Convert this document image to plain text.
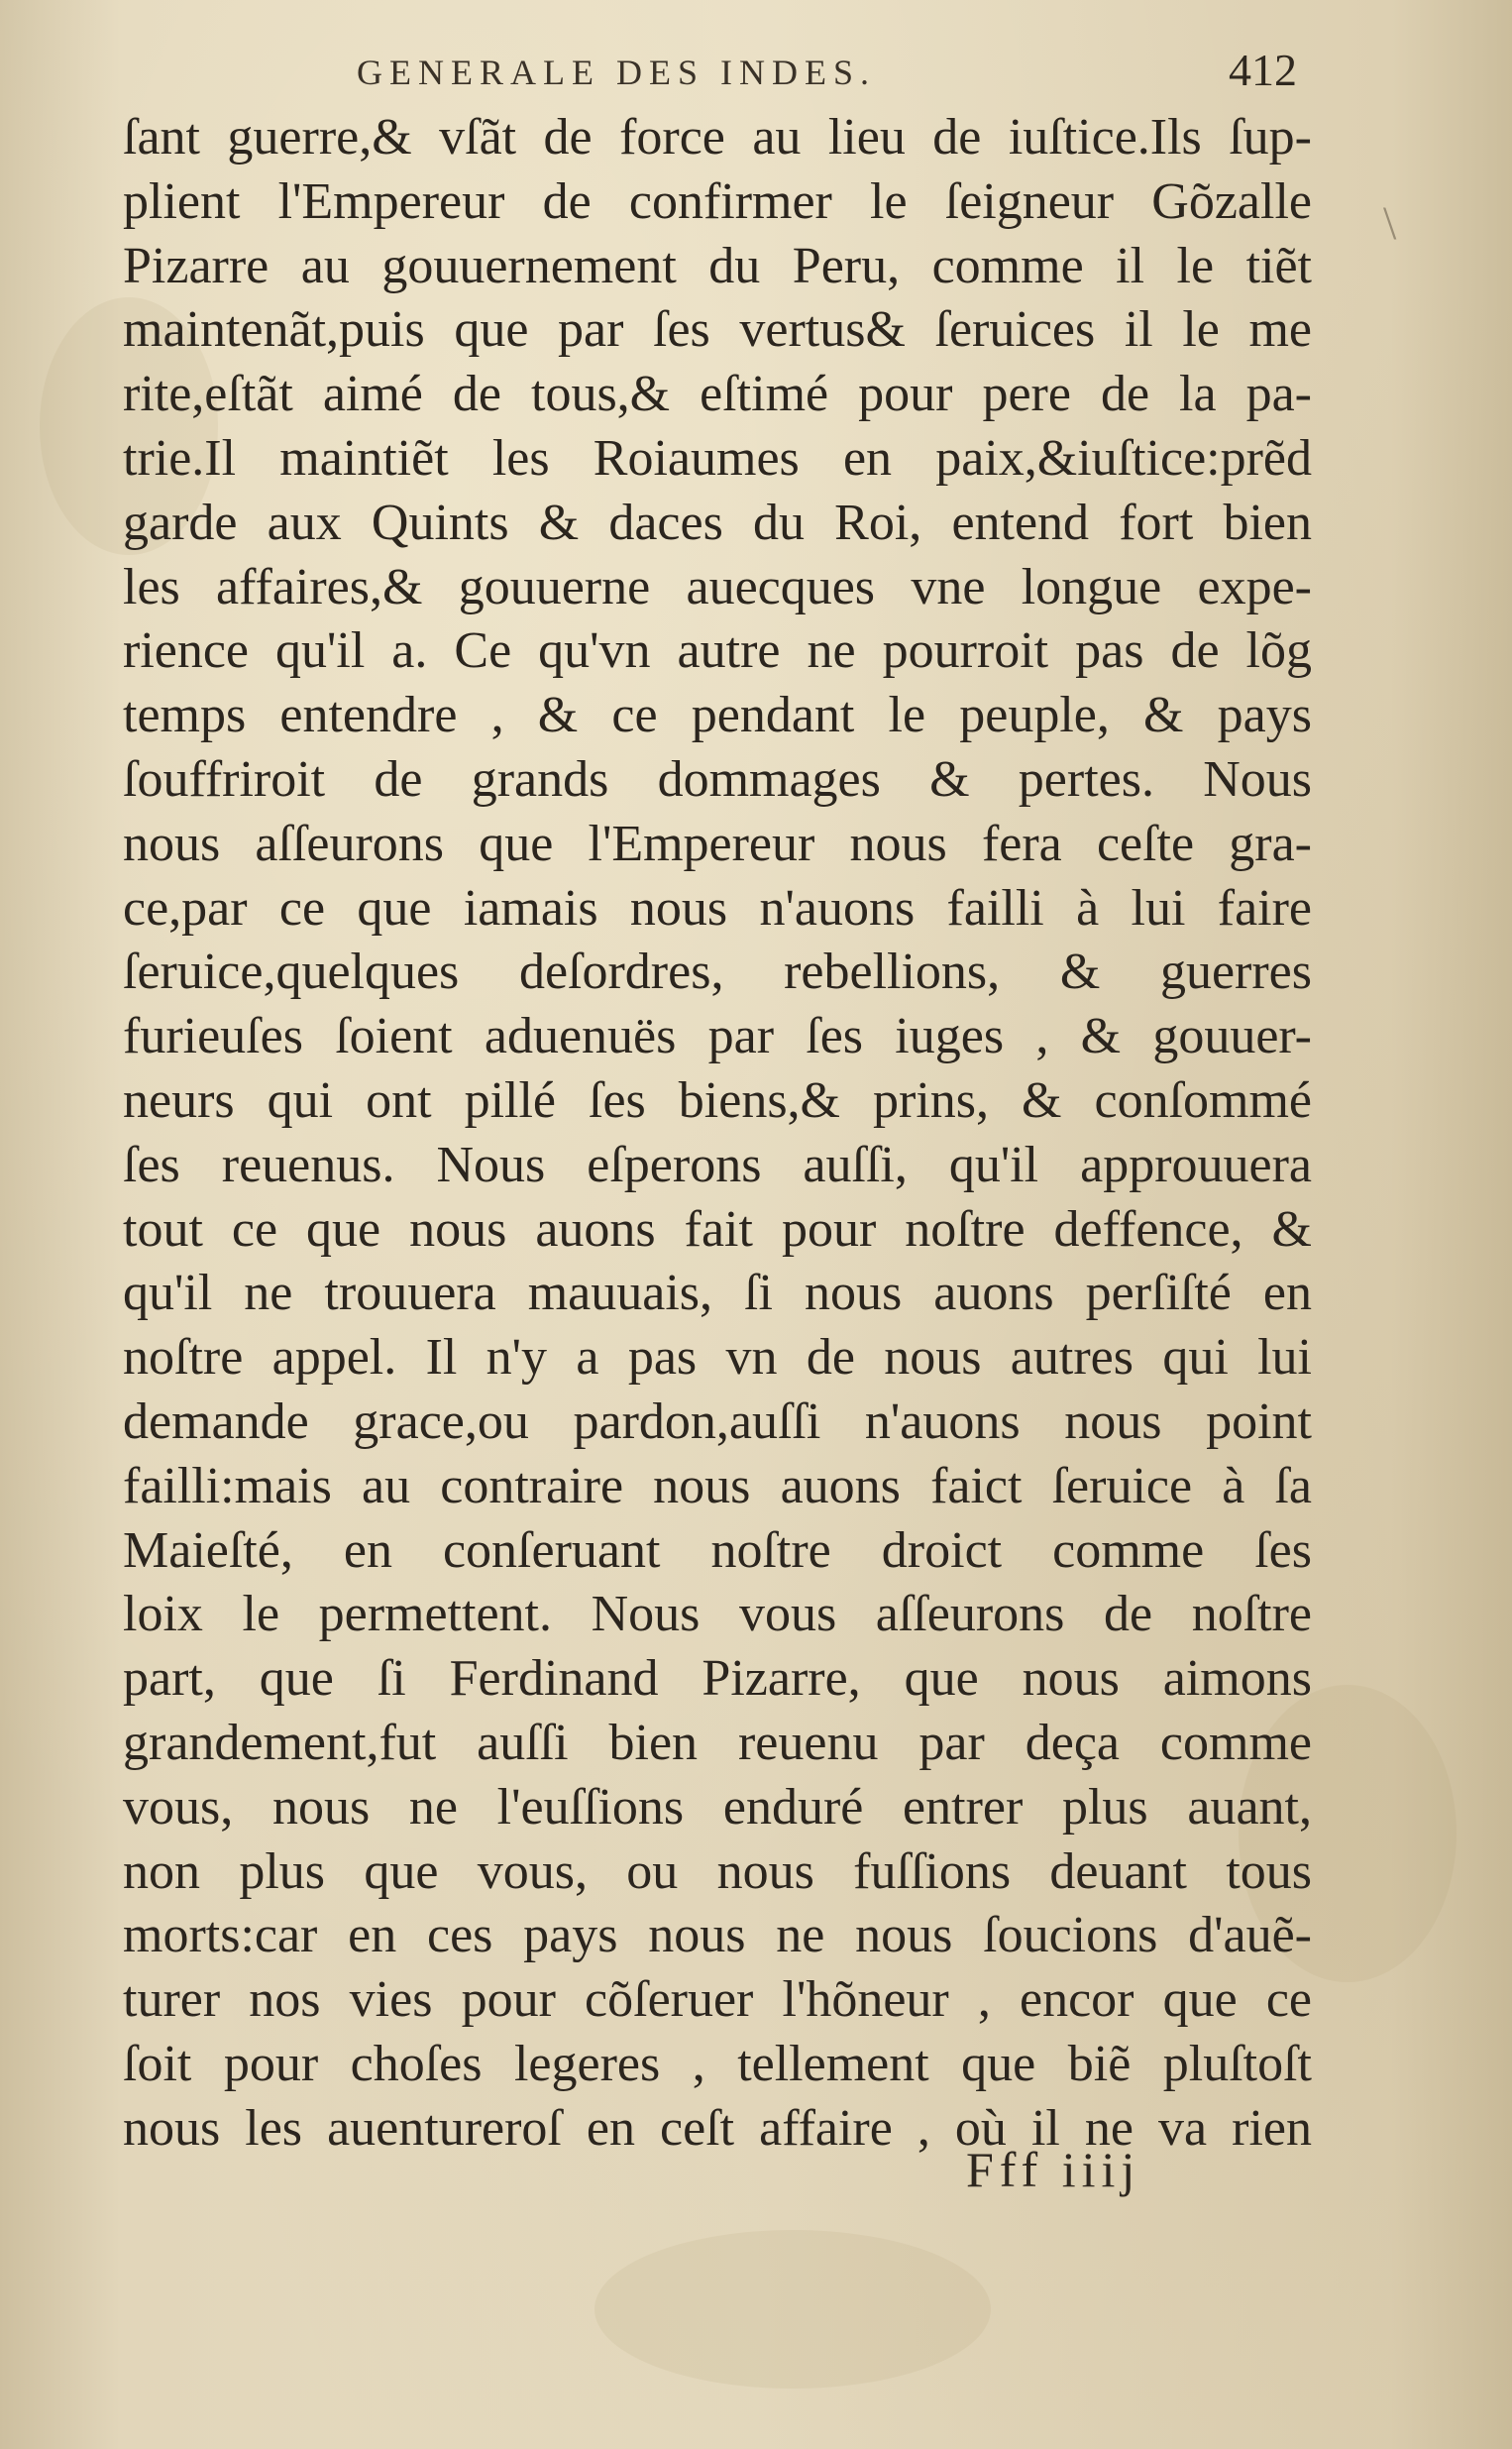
GENERALE DES INDES.	412
\
ſant guerre,& vſãt de force au lieu de iuſtice.Ils ſup-
plient l'Empereur de confirmer le ſeigneur Gõzalle
Pizarre au gouuernement du Peru, comme il le tiẽt
maintenãt,puis que par ſes vertus& ſeruices il le me
rite,eſtãt aimé de tous,& eſtimé pour pere de la pa-
trie.Il maintiẽt les Roiaumes en paix,&iuſtice:prẽd
garde aux Quints & daces du Roi, entend fort bien
les affaires,& gouuerne auecques vne longue expe-
rience qu'il a. Ce qu'vn autre ne pourroit pas de lõg
temps entendre , & ce pendant le peuple, & pays
ſouffriroit de grands dommages & pertes. Nous
nous aſſeurons que l'Empereur nous fera ceſte gra-
ce,par ce que iamais nous n'auons failli à lui faire
ſeruice,quelques deſordres, rebellions, & guerres
furieuſes ſoient aduenuës par ſes iuges , & gouuer-
neurs qui ont pillé ſes biens,& prins, & conſommé
ſes reuenus. Nous eſperons auſſi, qu'il approuuera
tout ce que nous auons fait pour noſtre deffence, &
qu'il ne trouuera mauuais, ſi nous auons perſiſté en
noſtre appel. Il n'y a pas vn de nous autres qui lui
demande grace,ou pardon,auſſi n'auons nous point
failli:mais au contraire nous auons faict ſeruice à ſa
Maieſté, en conſeruant noſtre droict comme ſes
loix le permettent. Nous vous aſſeurons de noſtre
part, que ſi Ferdinand Pizarre, que nous aimons
grandement,fut auſſi bien reuenu par deça comme
vous, nous ne l'euſſions enduré entrer plus auant,
non plus que vous, ou nous fuſſions deuant tous
morts:car en ces pays nous ne nous ſoucions d'auẽ-
turer nos vies pour cõſeruer l'hõneur , encor que ce
ſoit pour choſes legeres , tellement que biẽ pluſtoſt
nous les auentureroſ en ceſt affaire , où il ne va rien
Fff iiij
